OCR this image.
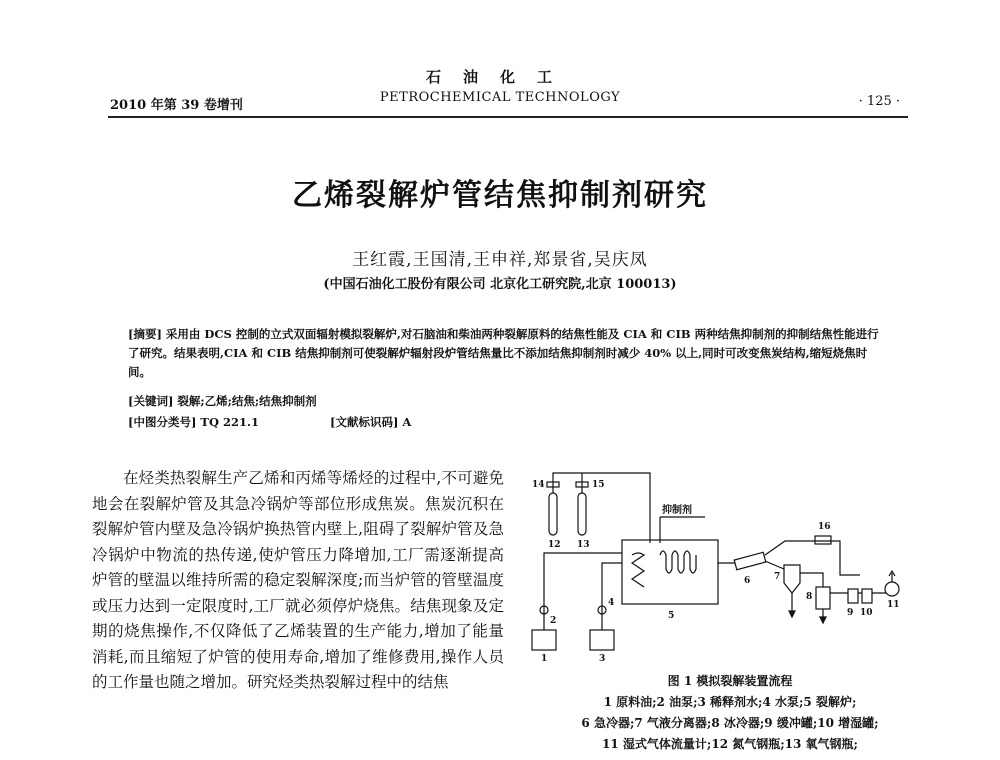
石油化工
PETROCHEMICAL TECHNOLOGY
2010 年第 39 卷增刊	· 125 ·
乙烯裂解炉管结焦抑制剂研究
王红霞,王国清,王申祥,郑景省,吴庆凤
(中国石油化工股份有限公司 北京化工研究院,北京 100013)
[摘要] 采用由 DCS 控制的立式双面辐射模拟裂解炉,对石脑油和柴油两种裂解原料的结焦性能及 CIA 和 CIB 两种结焦抑制剂的抑制结焦性能进行了研究。结果表明,CIA 和 CIB 结焦抑制剂可使裂解炉辐射段炉管结焦量比不添加结焦抑制剂时减少 40% 以上,同时可改变焦炭结构,缩短烧焦时间。
[关键词] 裂解;乙烯;结焦;结焦抑制剂
[中图分类号] TQ 221.1	[文献标识码] A

在烃类热裂解生产乙烯和丙烯等烯烃的过程中,不可避免地会在裂解炉管及其急冷锅炉等部位形成焦炭。焦炭沉积在裂解炉管内壁及急冷锅炉换热管内壁上,阻碍了裂解炉管及急冷锅炉中物流的热传递,使炉管压力降增加,工厂需逐渐提高炉管的壁温以维持所需的稳定裂解深度;而当炉管的管壁温度或压力达到一定限度时,工厂就必须停炉烧焦。结焦现象及定期的烧焦操作,不仅降低了乙烯装置的生产能力,增加了能量消耗,而且缩短了炉管的使用寿命,增加了维修费用,操作人员的工作量也随之增加。研究烃类热裂解过程中的结焦

抑制剂
1
2
3
4
5
6	7
8
9 10
11
12 13
14	15
16
图 1 模拟裂解装置流程
1 原料油;2 油泵;3 稀释剂水;4 水泵;5 裂解炉;
6 急冷器;7 气液分离器;8 冰冷器;9 缓冲罐;10 增湿罐;
11 湿式气体流量计;12 氮气钢瓶;13 氧气钢瓶;
